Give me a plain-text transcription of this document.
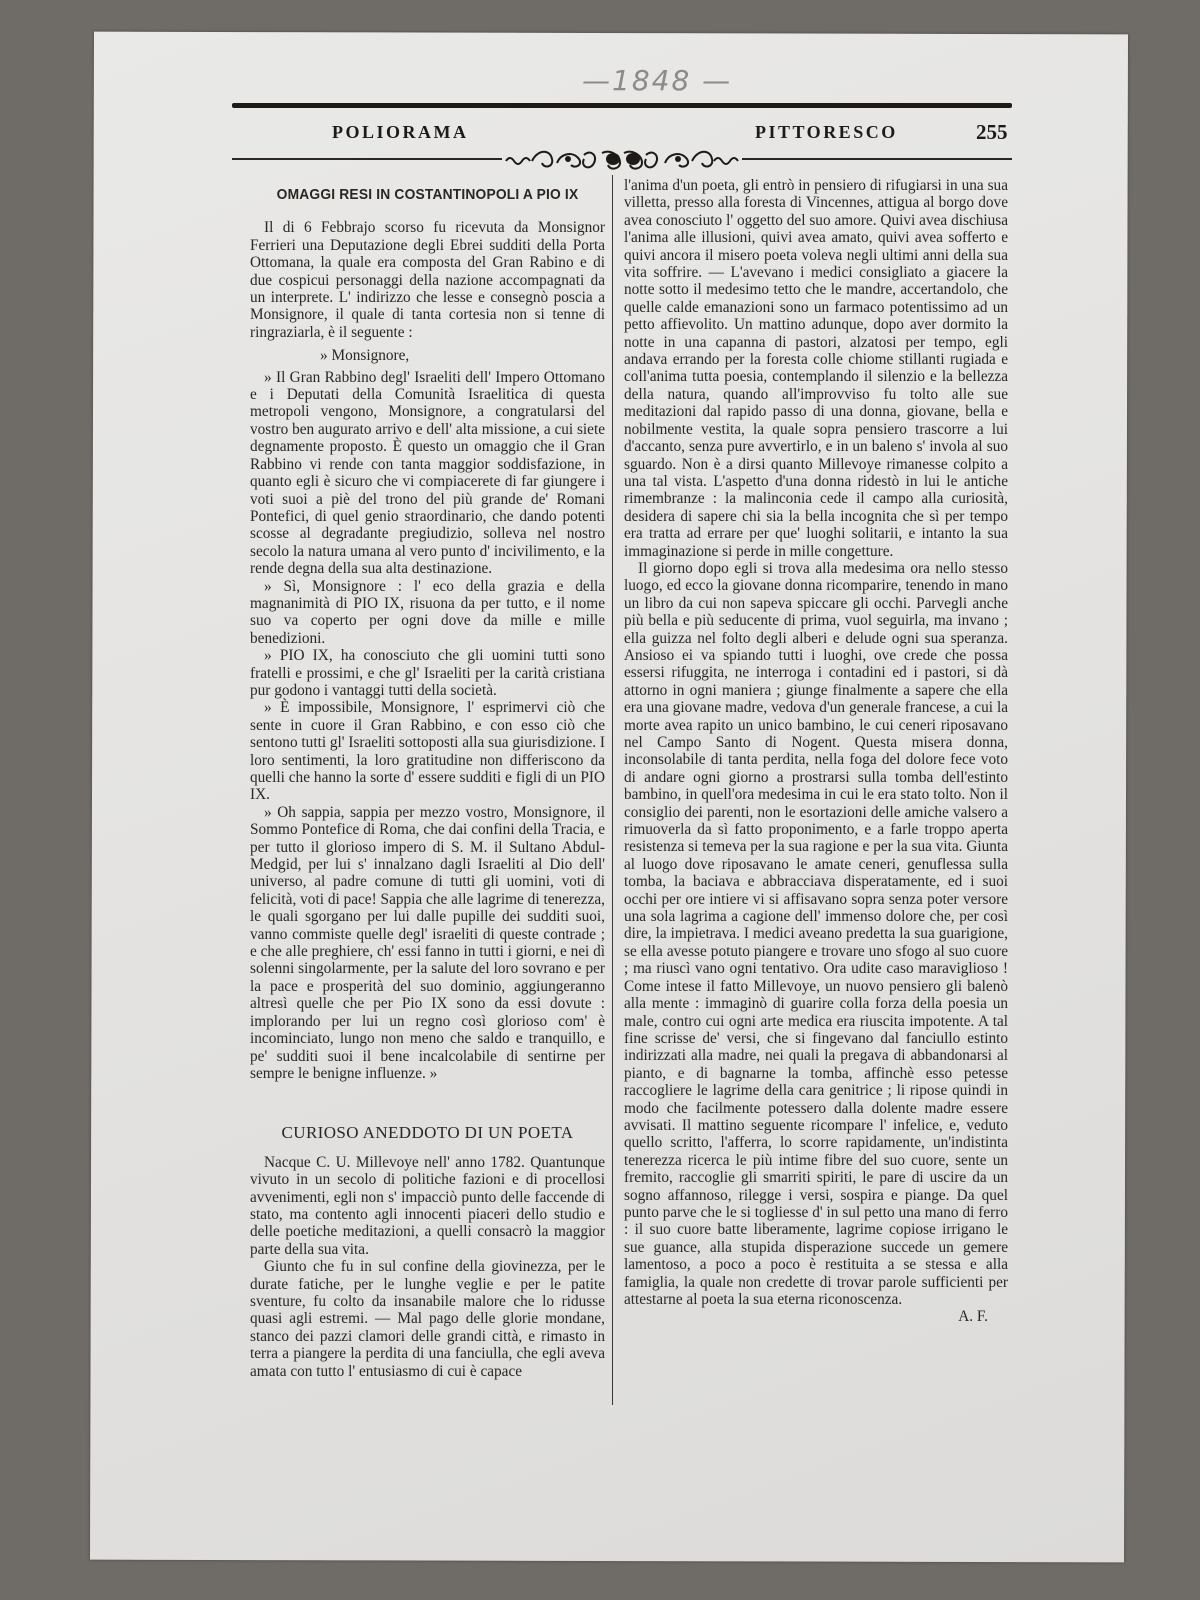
—1848 —
POLIORAMA	PITTORESCO	255
OMAGGI RESI IN COSTANTINOPOLI A PIO IX

Il di 6 Febbrajo scorso fu ricevuta da Monsignor Ferrieri una Deputazione degli Ebrei sudditi della Porta Ottomana, la quale era composta del Gran Rabino e di due cospicui personaggi della nazione accompagnati da un interprete. L' indirizzo che lesse e consegnò poscia a Monsignore, il quale di tanta cortesia non si tenne di ringraziarla, è il seguente :

» Monsignore,

» Il Gran Rabbino degl' Israeliti dell' Impero Ottomano e i Deputati della Comunità Israelitica di questa metropoli vengono, Monsignore, a congratularsi del vostro ben augurato arrivo e dell' alta missione, a cui siete degnamente proposto. È questo un omaggio che il Gran Rabbino vi rende con tanta maggior soddisfazione, in quanto egli è sicuro che vi compiacerete di far giungere i voti suoi a piè del trono del più grande de' Romani Pontefici, di quel genio straordinario, che dando potenti scosse al degradante pregiudizio, solleva nel nostro secolo la natura umana al vero punto d' incivilimento, e la rende degna della sua alta destinazione.

» Sì, Monsignore : l' eco della grazia e della magnanimità di PIO IX, risuona da per tutto, e il nome suo va coperto per ogni dove da mille e mille benedizioni.

» PIO IX, ha conosciuto che gli uomini tutti sono fratelli e prossimi, e che gl' Israeliti per la carità cristiana pur godono i vantaggi tutti della società.

» È impossibile, Monsignore, l' esprimervi ciò che sente in cuore il Gran Rabbino, e con esso ciò che sentono tutti gl' Israeliti sottoposti alla sua giurisdizione. I loro sentimenti, la loro gratitudine non differiscono da quelli che hanno la sorte d' essere sudditi e figli di un PIO IX.

» Oh sappia, sappia per mezzo vostro, Monsignore, il Sommo Pontefice di Roma, che dai confini della Tracia, e per tutto il glorioso impero di S. M. il Sultano Abdul-Medgid, per lui s' innalzano dagli Israeliti al Dio dell' universo, al padre comune di tutti gli uomini, voti di felicità, voti di pace! Sappia che alle lagrime di tenerezza, le quali sgorgano per lui dalle pupille dei sudditi suoi, vanno commiste quelle degl' israeliti di queste contrade ; e che alle preghiere, ch' essi fanno in tutti i giorni, e nei dì solenni singolarmente, per la salute del loro sovrano e per la pace e prosperità del suo dominio, aggiungeranno altresì quelle che per Pio IX sono da essi dovute : implorando per lui un regno così glorioso com' è incominciato, lungo non meno che saldo e tranquillo, e pe' sudditi suoi il bene incalcolabile di sentirne per sempre le benigne influenze. »

CURIOSO ANEDDOTO DI UN POETA

Nacque C. U. Millevoye nell' anno 1782. Quantunque vivuto in un secolo di politiche fazioni e di procellosi avvenimenti, egli non s' impacciò punto delle faccende di stato, ma contento agli innocenti piaceri dello studio e delle poetiche meditazioni, a quelli consacrò la maggior parte della sua vita.

Giunto che fu in sul confine della giovinezza, per le durate fatiche, per le lunghe veglie e per le patite sventure, fu colto da insanabile malore che lo ridusse quasi agli estremi. — Mal pago delle glorie mondane, stanco dei pazzi clamori delle grandi città, e rimasto in terra a piangere la perdita di una fanciulla, che egli aveva amata con tutto l' entusiasmo di cui è capace

l'anima d'un poeta, gli entrò in pensiero di rifugiarsi in una sua villetta, presso alla foresta di Vincennes, attigua al borgo dove avea conosciuto l' oggetto del suo amore. Quivi avea dischiusa l'anima alle illusioni, quivi avea amato, quivi avea sofferto e quivi ancora il misero poeta voleva negli ultimi anni della sua vita soffrire. — L'avevano i medici consigliato a giacere la notte sotto il medesimo tetto che le mandre, accertandolo, che quelle calde emanazioni sono un farmaco potentissimo ad un petto affievolito. Un mattino adunque, dopo aver dormito la notte in una capanna di pastori, alzatosi per tempo, egli andava errando per la foresta colle chiome stillanti rugiada e coll'anima tutta poesia, contemplando il silenzio e la bellezza della natura, quando all'improvviso fu tolto alle sue meditazioni dal rapido passo di una donna, giovane, bella e nobilmente vestita, la quale sopra pensiero trascorre a lui d'accanto, senza pure avvertirlo, e in un baleno s' invola al suo sguardo. Non è a dirsi quanto Millevoye rimanesse colpito a una tal vista. L'aspetto d'una donna ridestò in lui le antiche rimembranze : la malinconia cede il campo alla curiosità, desidera di sapere chi sia la bella incognita che sì per tempo era tratta ad errare per que' luoghi solitarii, e intanto la sua immaginazione si perde in mille congetture.

Il giorno dopo egli si trova alla medesima ora nello stesso luogo, ed ecco la giovane donna ricomparire, tenendo in mano un libro da cui non sapeva spiccare gli occhi. Parvegli anche più bella e più seducente di prima, vuol seguirla, ma invano ; ella guizza nel folto degli alberi e delude ogni sua speranza. Ansioso ei va spiando tutti i luoghi, ove crede che possa essersi rifuggita, ne interroga i contadini ed i pastori, si dà attorno in ogni maniera ; giunge finalmente a sapere che ella era una giovane madre, vedova d'un generale francese, a cui la morte avea rapito un unico bambino, le cui ceneri riposavano nel Campo Santo di Nogent. Questa misera donna, inconsolabile di tanta perdita, nella foga del dolore fece voto di andare ogni giorno a prostrarsi sulla tomba dell'estinto bambino, in quell'ora medesima in cui le era stato tolto. Non il consiglio dei parenti, non le esortazioni delle amiche valsero a rimuoverla da sì fatto proponimento, e a farle troppo aperta resistenza si temeva per la sua ragione e per la sua vita. Giunta al luogo dove riposavano le amate ceneri, genuflessa sulla tomba, la baciava e abbracciava disperatamente, ed i suoi occhi per ore intiere vi si affisavano sopra senza poter versore una sola lagrima a cagione dell' immenso dolore che, per così dire, la impietrava. I medici aveano predetta la sua guarigione, se ella avesse potuto piangere e trovare uno sfogo al suo cuore ; ma riuscì vano ogni tentativo. Ora udite caso maraviglioso ! Come intese il fatto Millevoye, un nuovo pensiero gli balenò alla mente : immaginò di guarire colla forza della poesia un male, contro cui ogni arte medica era riuscita impotente. A tal fine scrisse de' versi, che si fingevano dal fanciullo estinto indirizzati alla madre, nei quali la pregava di abbandonarsi al pianto, e di bagnarne la tomba, affinchè esso petesse raccogliere le lagrime della cara genitrice ; li ripose quindi in modo che facilmente potessero dalla dolente madre essere avvisati. Il mattino seguente ricompare l' infelice, e, veduto quello scritto, l'afferra, lo scorre rapidamente, un'indistinta tenerezza ricerca le più intime fibre del suo cuore, sente un fremito, raccoglie gli smarriti spiriti, le pare di uscire da un sogno affannoso, rilegge i versi, sospira e piange. Da quel punto parve che le si togliesse d' in sul petto una mano di ferro : il suo cuore batte liberamente, lagrime copiose irrigano le sue guance, alla stupida disperazione succede un gemere lamentoso, a poco a poco è restituita a se stessa e alla famiglia, la quale non credette di trovar parole sufficienti per attestarne al poeta la sua eterna riconoscenza.

A. F.
